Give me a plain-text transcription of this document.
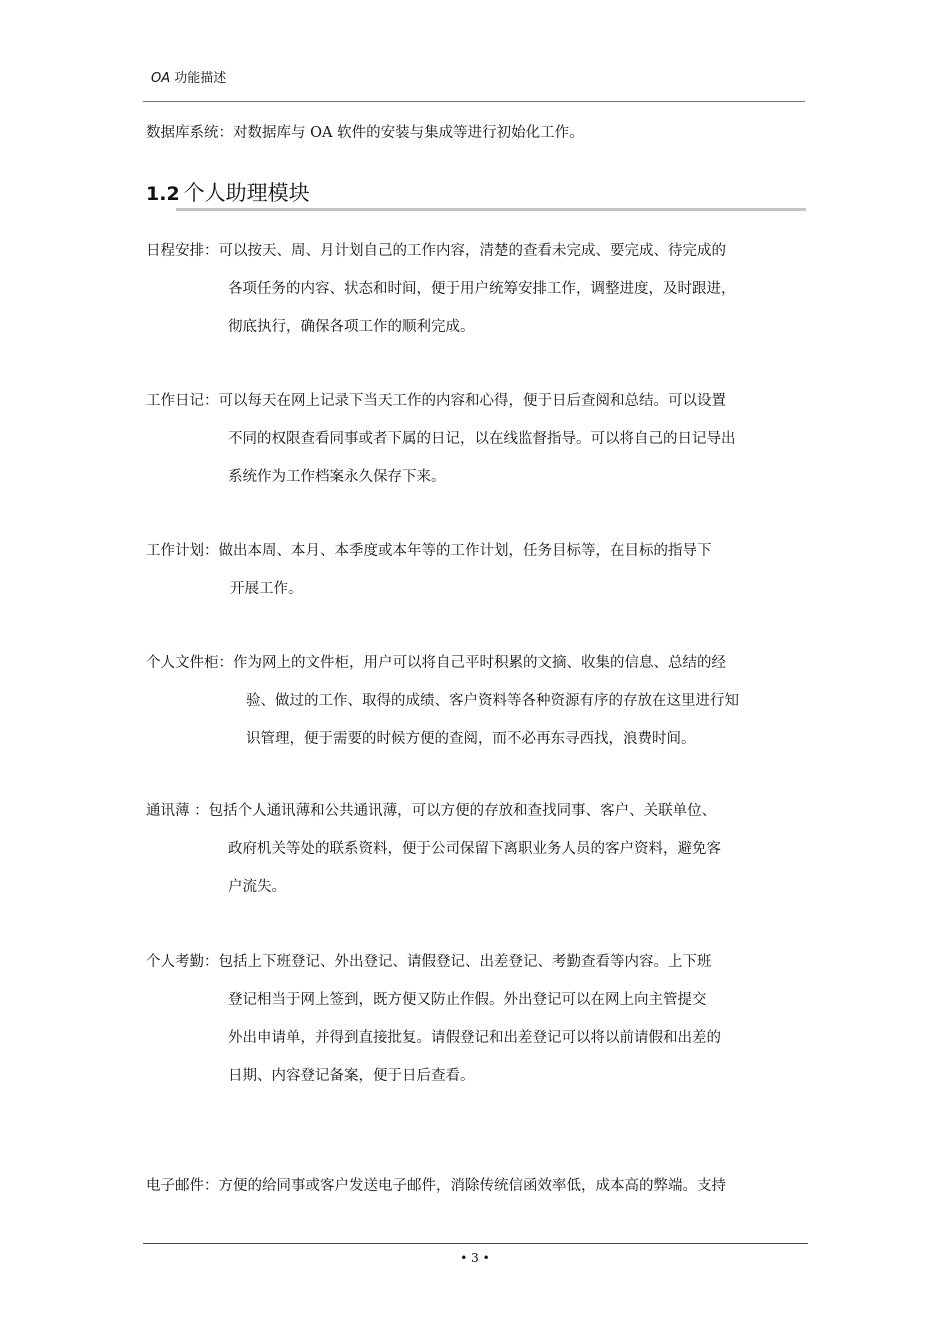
OA 功能描述
数据库系统：对数据库与 OA 软件的安装与集成等进行初始化工作。
1.2 个人助理模块
日程安排：可以按天、周、月计划自己的工作内容，清楚的查看未完成、要完成、待完成的
各项任务的内容、状态和时间，便于用户统筹安排工作，调整进度，及时跟进，
彻底执行，确保各项工作的顺利完成。
工作日记：可以每天在网上记录下当天工作的内容和心得，便于日后查阅和总结。可以设置
不同的权限查看同事或者下属的日记，以在线监督指导。可以将自己的日记导出
系统作为工作档案永久保存下来。
工作计划：做出本周、本月、本季度或本年等的工作计划，任务目标等，在目标的指导下
开展工作。
个人文件柜：作为网上的文件柜，用户可以将自己平时积累的文摘、收集的信息、总结的经
验、做过的工作、取得的成绩、客户资料等各种资源有序的存放在这里进行知
识管理，便于需要的时候方便的查阅，而不必再东寻西找，浪费时间。
通讯薄 ：包括个人通讯薄和公共通讯薄，可以方便的存放和查找同事、客户、关联单位、
政府机关等处的联系资料，便于公司保留下离职业务人员的客户资料，避免客
户流失。
个人考勤：包括上下班登记、外出登记、请假登记、出差登记、考勤查看等内容。上下班
登记相当于网上签到，既方便又防止作假。外出登记可以在网上向主管提交
外出申请单，并得到直接批复。请假登记和出差登记可以将以前请假和出差的
日期、内容登记备案，便于日后查看。
电子邮件：方便的给同事或客户发送电子邮件，消除传统信函效率低，成本高的弊端。支持
• 3 •
